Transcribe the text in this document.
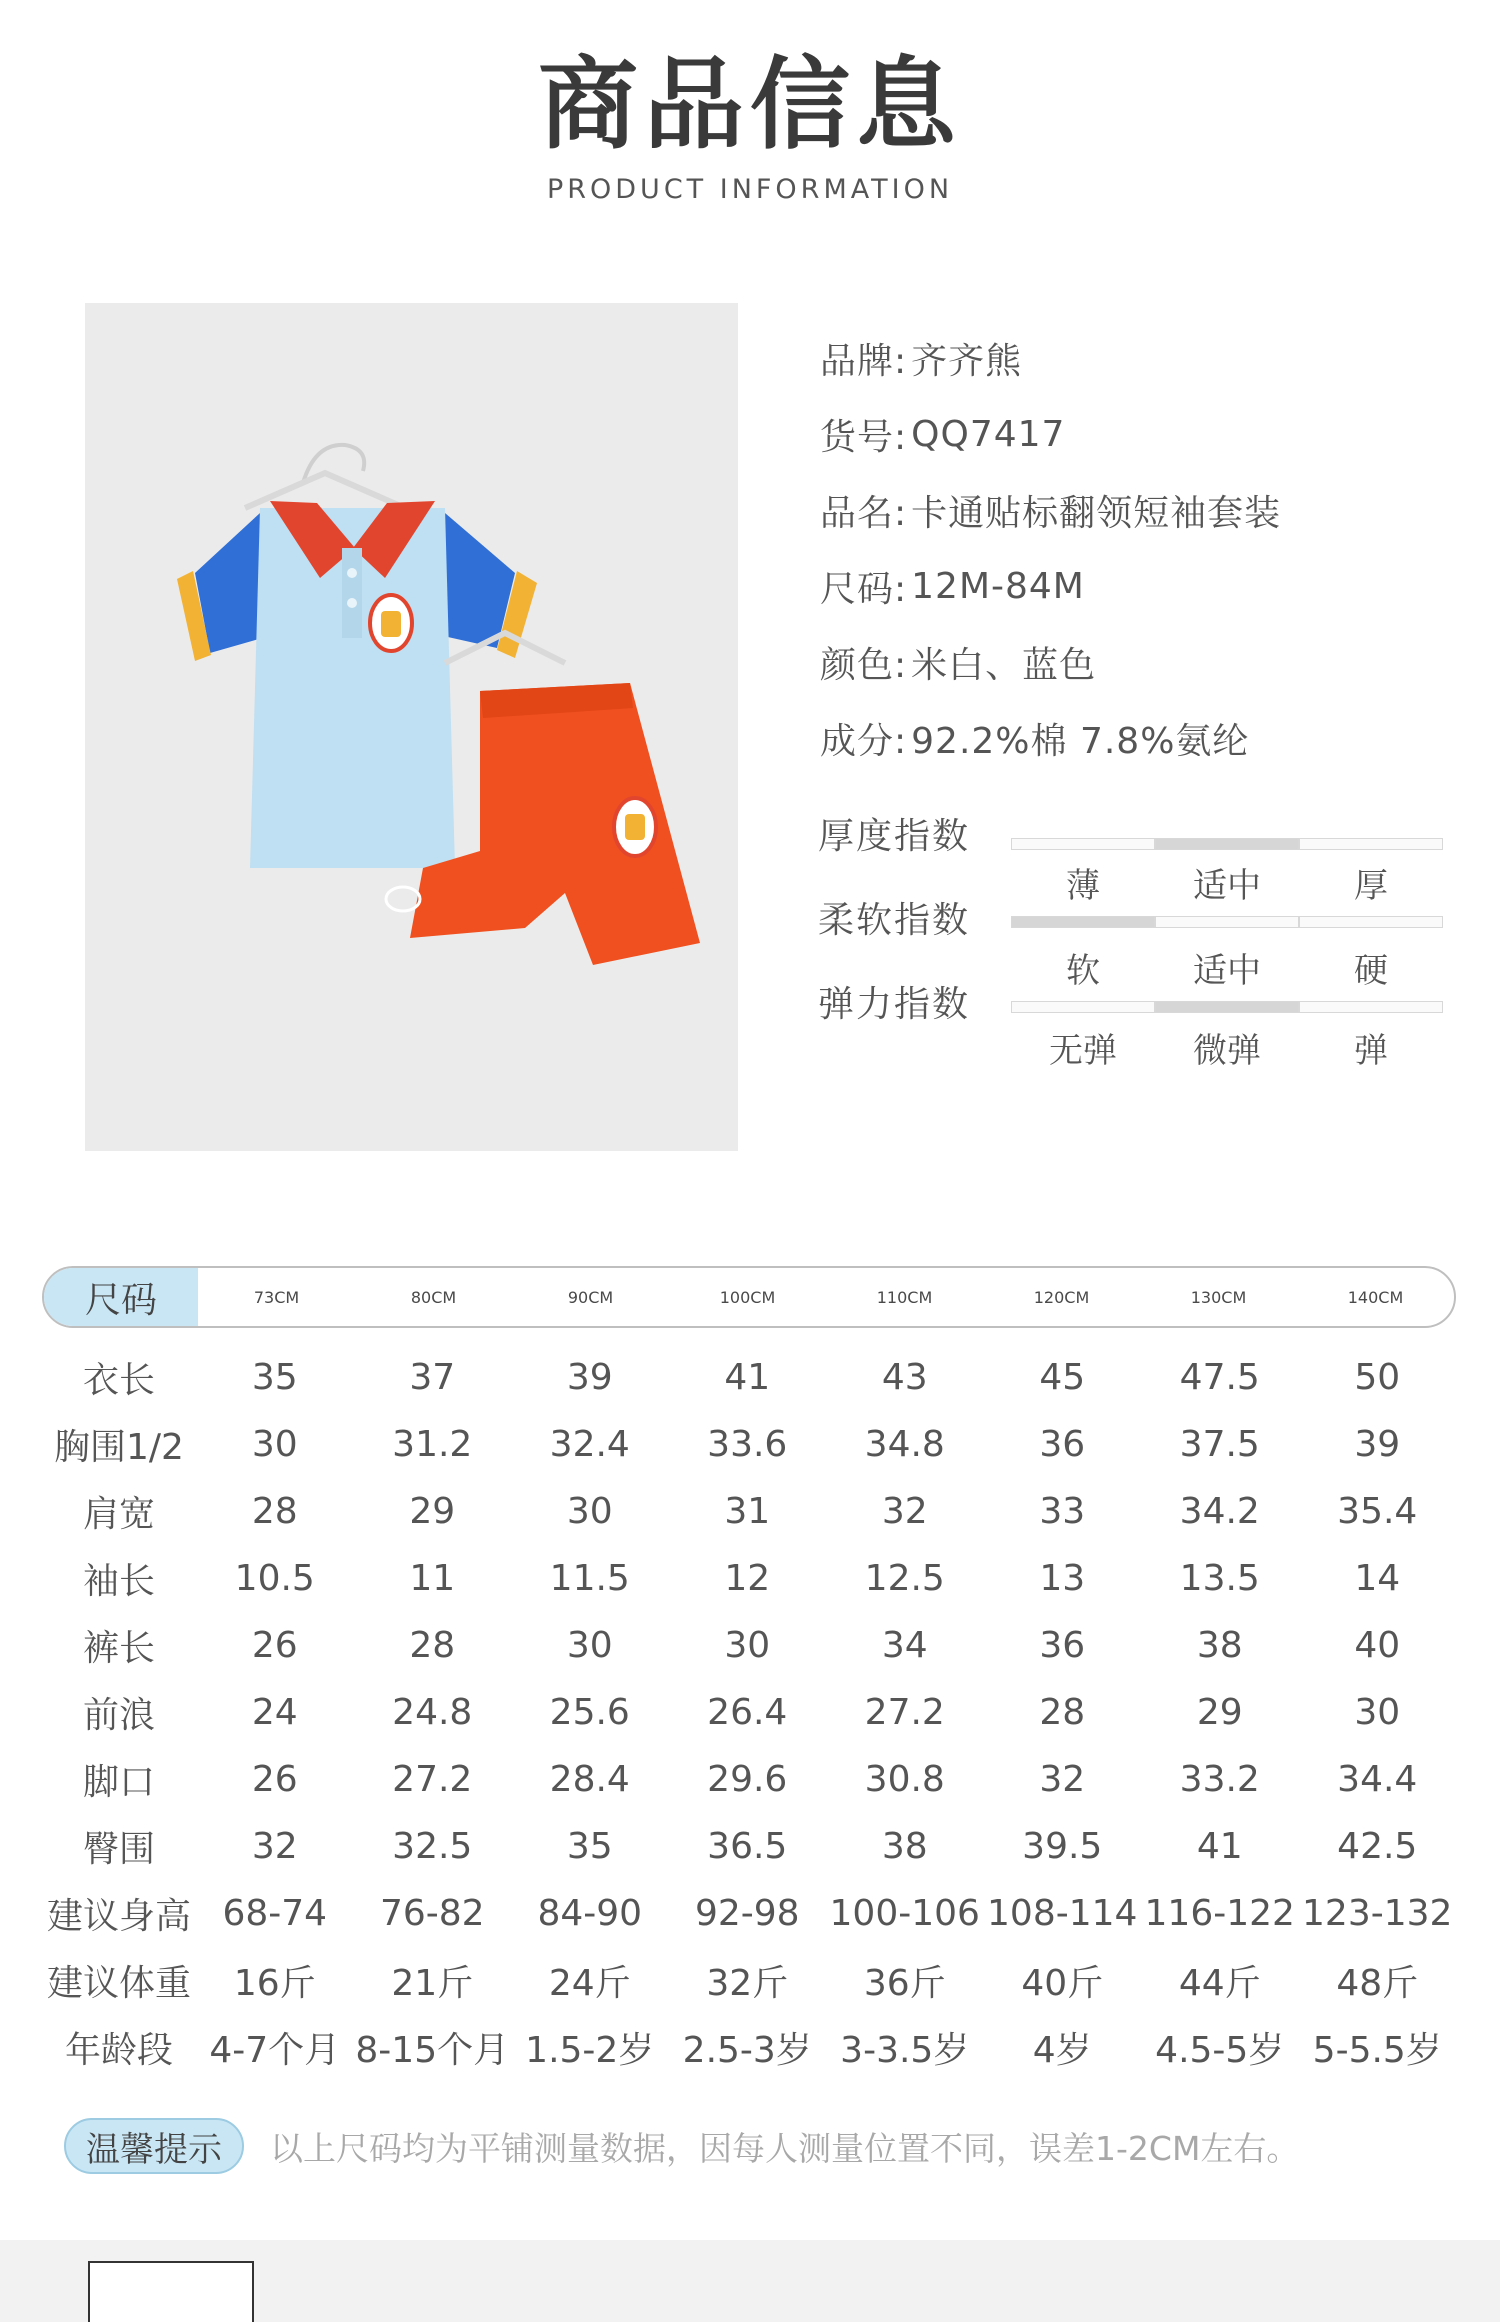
商品信息
PRODUCT INFORMATION
品牌: 齐齐熊
货号: QQ7417
品名: 卡通贴标翻领短袖套装
尺码: 12M-84M
颜色: 米白、蓝色
成分: 92.2%棉 7.8%氨纶
厚度指数
薄	适中	厚
柔软指数
软	适中	硬
弹力指数
无弹	微弹	弹
尺码	73CM	80CM	90CM	100CM	110CM	120CM	130CM	140CM
衣长	35	37	39	41	43	45	47.5	50
胸围1/2	30	31.2	32.4	33.6	34.8	36	37.5	39
肩宽	28	29	30	31	32	33	34.2	35.4
袖长	10.5	11	11.5	12	12.5	13	13.5	14
裤长	26	28	30	30	34	36	38	40
前浪	24	24.8	25.6	26.4	27.2	28	29	30
脚口	26	27.2	28.4	29.6	30.8	32	33.2	34.4
臀围	32	32.5	35	36.5	38	39.5	41	42.5
建议身高 68-74	76-82	84-90	92-98 100-106 108-114 116-122 123-132
建议体重	16斤	21斤	24斤	32斤	36斤	40斤	44斤	48斤
年龄段	4-7个月 8-15个月 1.5-2岁 2.5-3岁 3-3.5岁	4岁	4.5-5岁 5-5.5岁
温馨提示	以上尺码均为平铺测量数据，因每人测量位置不同，误差1-2CM左右。
